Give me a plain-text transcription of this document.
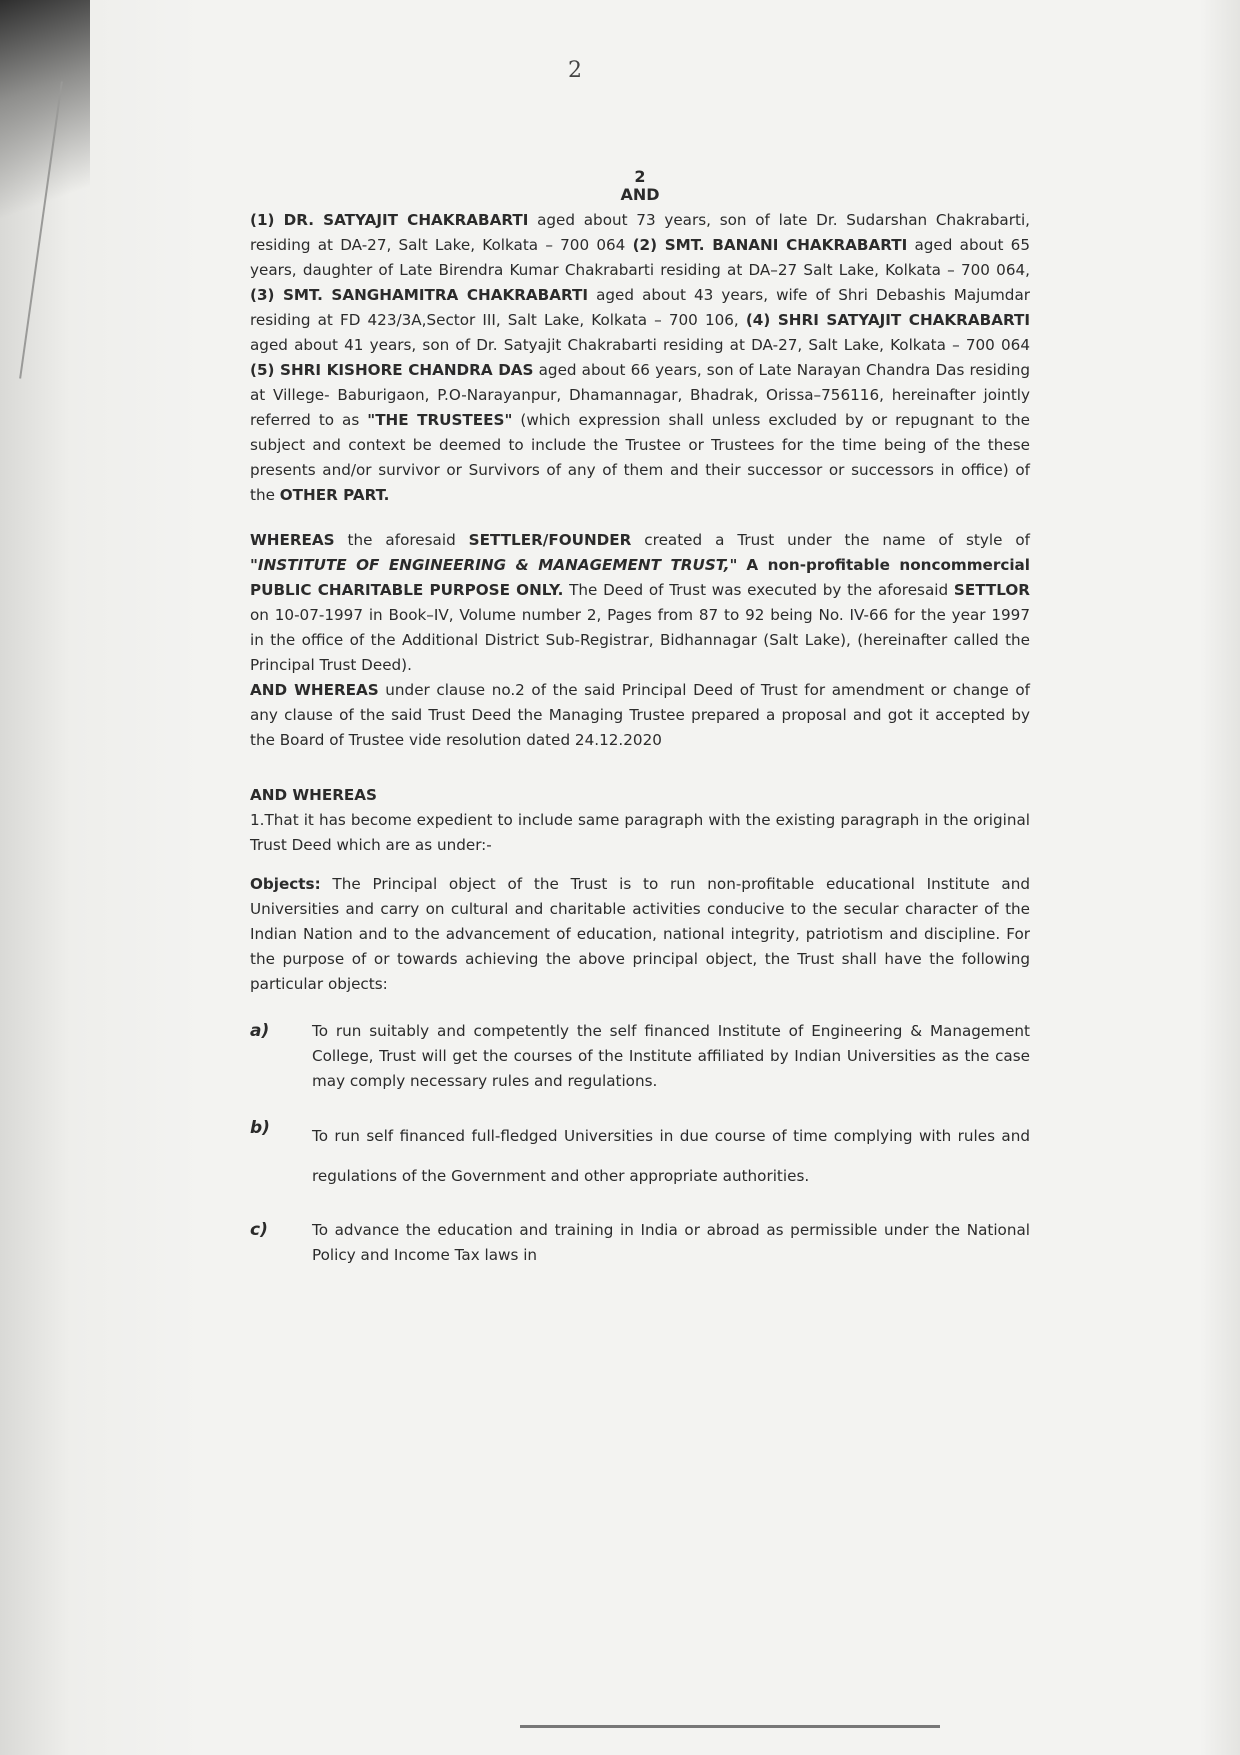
2
2
AND

(1) DR. SATYAJIT CHAKRABARTI aged about 73 years, son of late Dr. Sudarshan Chakrabarti, residing at DA-27, Salt Lake, Kolkata – 700 064 (2) SMT. BANANI CHAKRABARTI aged about 65 years, daughter of Late Birendra Kumar Chakrabarti residing at DA–27 Salt Lake, Kolkata – 700 064, (3) SMT. SANGHAMITRA CHAKRABARTI aged about 43 years, wife of Shri Debashis Majumdar residing at FD 423/3A,Sector III, Salt Lake, Kolkata – 700 106, (4) SHRI SATYAJIT CHAKRABARTI aged about 41 years, son of Dr. Satyajit Chakrabarti residing at DA-27, Salt Lake, Kolkata – 700 064 (5) SHRI KISHORE CHANDRA DAS aged about 66 years, son of Late Narayan Chandra Das residing at Villege- Baburigaon, P.O-Narayanpur, Dhamannagar, Bhadrak, Orissa–756116, hereinafter jointly referred to as "THE TRUSTEES" (which expression shall unless excluded by or repugnant to the subject and context be deemed to include the Trustee or Trustees for the time being of the these presents and/or survivor or Survivors of any of them and their successor or successors in office) of the OTHER PART.

WHEREAS the aforesaid SETTLER/FOUNDER created a Trust under the name of style of "INSTITUTE OF ENGINEERING & MANAGEMENT TRUST," A non-profitable noncommercial PUBLIC CHARITABLE PURPOSE ONLY. The Deed of Trust was executed by the aforesaid SETTLOR on 10-07-1997 in Book–IV, Volume number 2, Pages from 87 to 92 being No. IV-66 for the year 1997 in the office of the Additional District Sub-Registrar, Bidhannagar (Salt Lake), (hereinafter called the Principal Trust Deed).

AND WHEREAS under clause no.2 of the said Principal Deed of Trust for amendment or change of any clause of the said Trust Deed the Managing Trustee prepared a proposal and got it accepted by the Board of Trustee vide resolution dated 24.12.2020

AND WHEREAS

1.That it has become expedient to include same paragraph with the existing paragraph in the original Trust Deed which are as under:-

Objects: The Principal object of the Trust is to run non-profitable educational Institute and Universities and carry on cultural and charitable activities conducive to the secular character of the Indian Nation and to the advancement of education, national integrity, patriotism and discipline. For the purpose of or towards achieving the above principal object, the Trust shall have the following particular objects:

a)	To run suitably and competently the self financed Institute of Engineering & Management College, Trust will get the courses of the Institute affiliated by Indian Universities as the case may comply necessary rules and regulations.
b)	To run self financed full-fledged Universities in due course of time complying with rules and regulations of the Government and other appropriate authorities.
c)	To advance the education and training in India or abroad as permissible under the National Policy and Income Tax laws in
